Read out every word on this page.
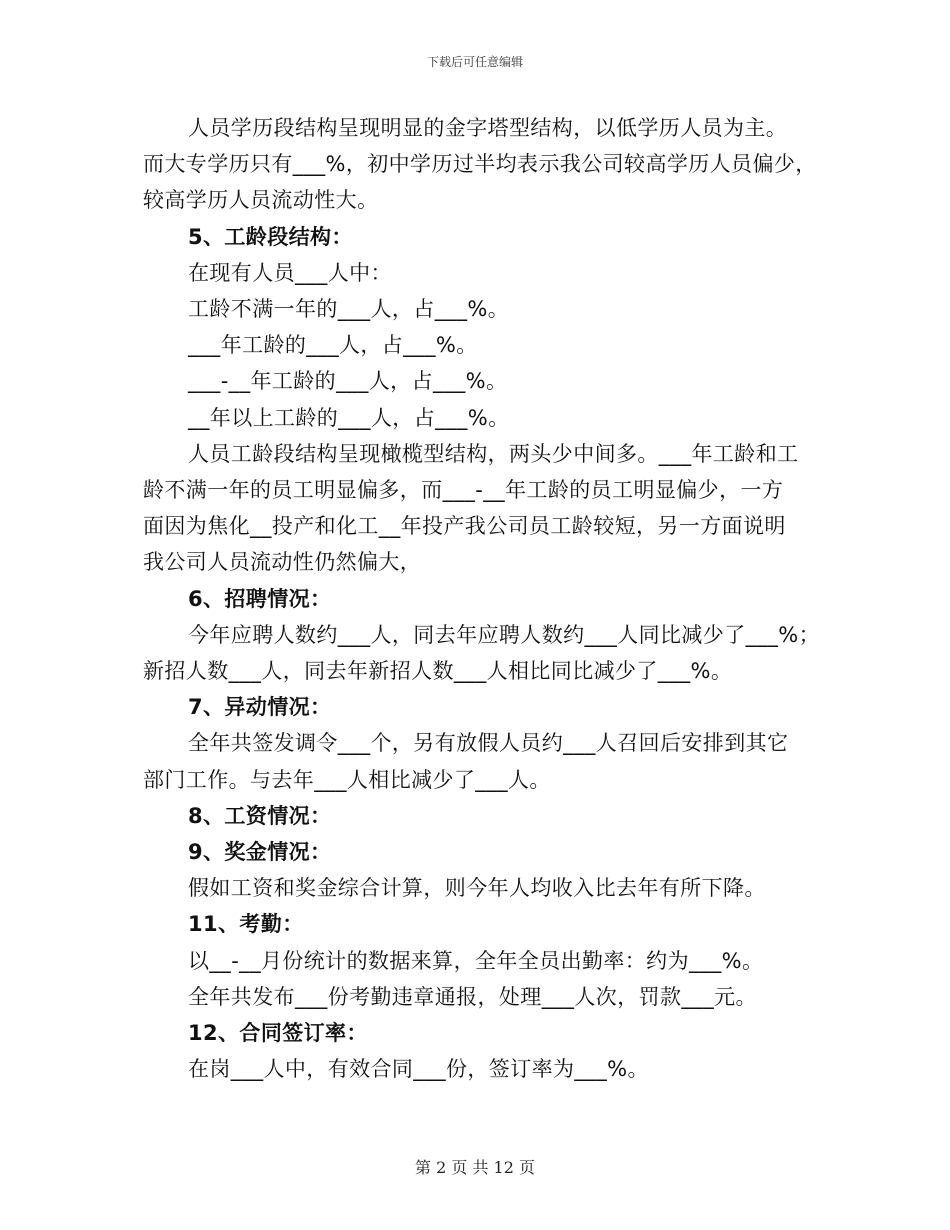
下载后可任意编辑
人员学历段结构呈现明显的金字塔型结构，以低学历人员为主。
而大专学历只有___%，初中学历过半均表示我公司较高学历人员偏少，
较高学历人员流动性大。
5、工龄段结构：
在现有人员___人中：
工龄不满一年的___人，占___%。
___年工龄的___人，占___%。
___-__年工龄的___人，占___%。
__年以上工龄的___人，占___%。
人员工龄段结构呈现橄榄型结构，两头少中间多。___年工龄和工
龄不满一年的员工明显偏多，而___-__年工龄的员工明显偏少，一方
面因为焦化__投产和化工__年投产我公司员工龄较短，另一方面说明
我公司人员流动性仍然偏大，
6、招聘情况：
今年应聘人数约___人，同去年应聘人数约___人同比减少了___%；
新招人数___人，同去年新招人数___人相比同比减少了___%。
7、异动情况：
全年共签发调令___个，另有放假人员约___人召回后安排到其它
部门工作。与去年___人相比减少了___人。
8、工资情况：
9、奖金情况：
假如工资和奖金综合计算，则今年人均收入比去年有所下降。
11、考勤：
以__-__月份统计的数据来算，全年全员出勤率：约为___%。
全年共发布___份考勤违章通报，处理___人次，罚款___元。
12、合同签订率：
在岗___人中，有效合同___份，签订率为___%。
第 2 页 共 12 页
